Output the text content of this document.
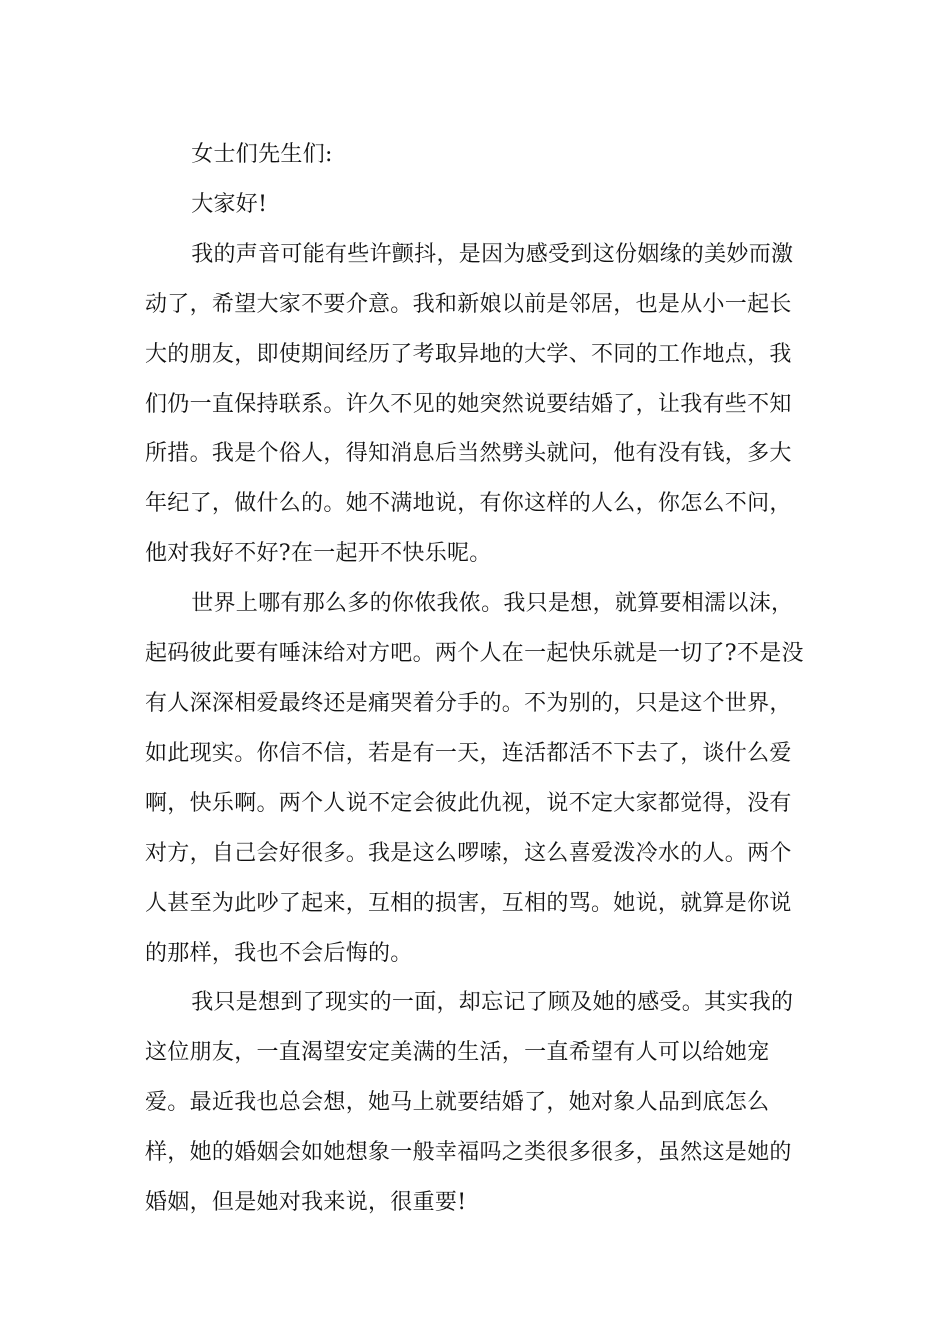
女士们先生们:

大家好!

我的声音可能有些许颤抖，是因为感受到这份姻缘的美妙而激动了，希望大家不要介意。我和新娘以前是邻居，也是从小一起长大的朋友，即使期间经历了考取异地的大学、不同的工作地点，我们仍一直保持联系。许久不见的她突然说要结婚了，让我有些不知所措。我是个俗人，得知消息后当然劈头就问，他有没有钱，多大年纪了，做什么的。她不满地说，有你这样的人么，你怎么不问，他对我好不好?在一起开不快乐呢。

世界上哪有那么多的你侬我侬。我只是想，就算要相濡以沫，起码彼此要有唾沫给对方吧。两个人在一起快乐就是一切了?不是没有人深深相爱最终还是痛哭着分手的。不为别的，只是这个世界，如此现实。你信不信，若是有一天，连活都活不下去了，谈什么爱啊，快乐啊。两个人说不定会彼此仇视，说不定大家都觉得，没有对方，自己会好很多。我是这么啰嗦，这么喜爱泼冷水的人。两个人甚至为此吵了起来，互相的损害，互相的骂。她说，就算是你说的那样，我也不会后悔的。

我只是想到了现实的一面，却忘记了顾及她的感受。其实我的这位朋友，一直渴望安定美满的生活，一直希望有人可以给她宠爱。最近我也总会想，她马上就要结婚了，她对象人品到底怎么样，她的婚姻会如她想象一般幸福吗之类很多很多，虽然这是她的婚姻，但是她对我来说，很重要!
